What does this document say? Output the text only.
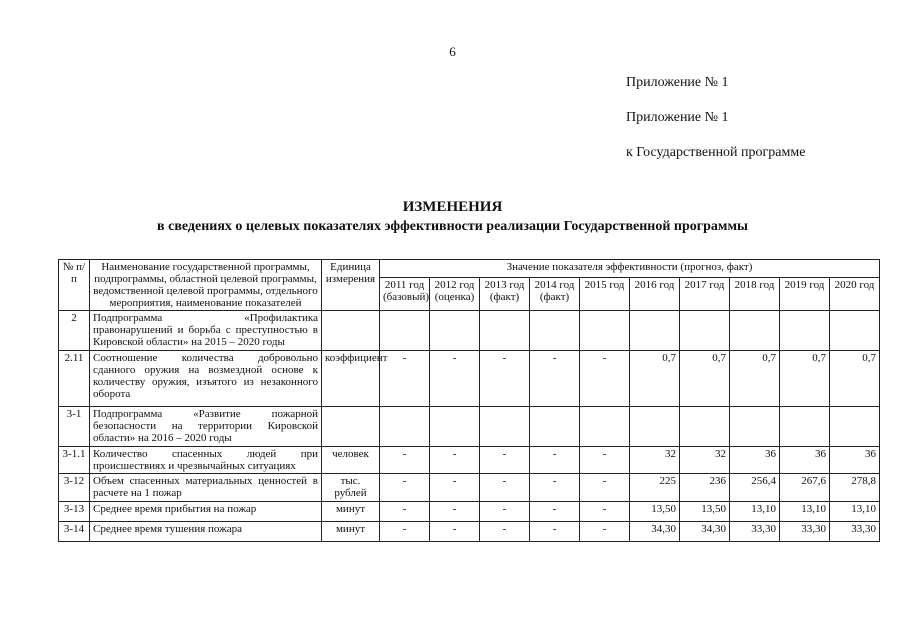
6
Приложение № 1
Приложение № 1
к Государственной программе
ИЗМЕНЕНИЯ
в сведениях о целевых показателях эффективности реализации Государственной программы
№ п/п	Наименование государственной программы, подпрограммы, областной целевой программы, ведомственной целевой программы, отдельного мероприятия, наименование показателей	Единица измерения	Значение показателя эффективности (прогноз, факт)									
			2011 год (базовый)	2012 год (оценка)	2013 год (факт)	2014 год (факт)	2015 год	2016 год	2017 год	2018 год	2019 год	2020 год
2	Подпрограмма «Профилактика правонарушений и борьба с преступностью в Кировской области» на 2015 – 2020 годы											
2.11	Соотношение количества добровольно сданного оружия на возмездной основе к количеству оружия, изъятого из незаконного оборота	коэффициент	-	-	-	-	-	0,7	0,7	0,7	0,7	0,7
3-1	Подпрограмма «Развитие пожарной безопасности на территории Кировской области» на 2016 – 2020 годы											
3-1.1	Количество спасенных людей при происшествиях и чрезвычайных ситуациях	человек	-	-	-	-	-	32	32	36	36	36
3-12	Объем спасенных материальных ценностей в расчете на 1 пожар	тыс. рублей	-	-	-	-	-	225	236	256,4	267,6	278,8
3-13	Среднее время прибытия на пожар	минут	-	-	-	-	-	13,50	13,50	13,10	13,10	13,10
3-14	Среднее время тушения пожара	минут	-	-	-	-	-	34,30	34,30	33,30	33,30	33,30
